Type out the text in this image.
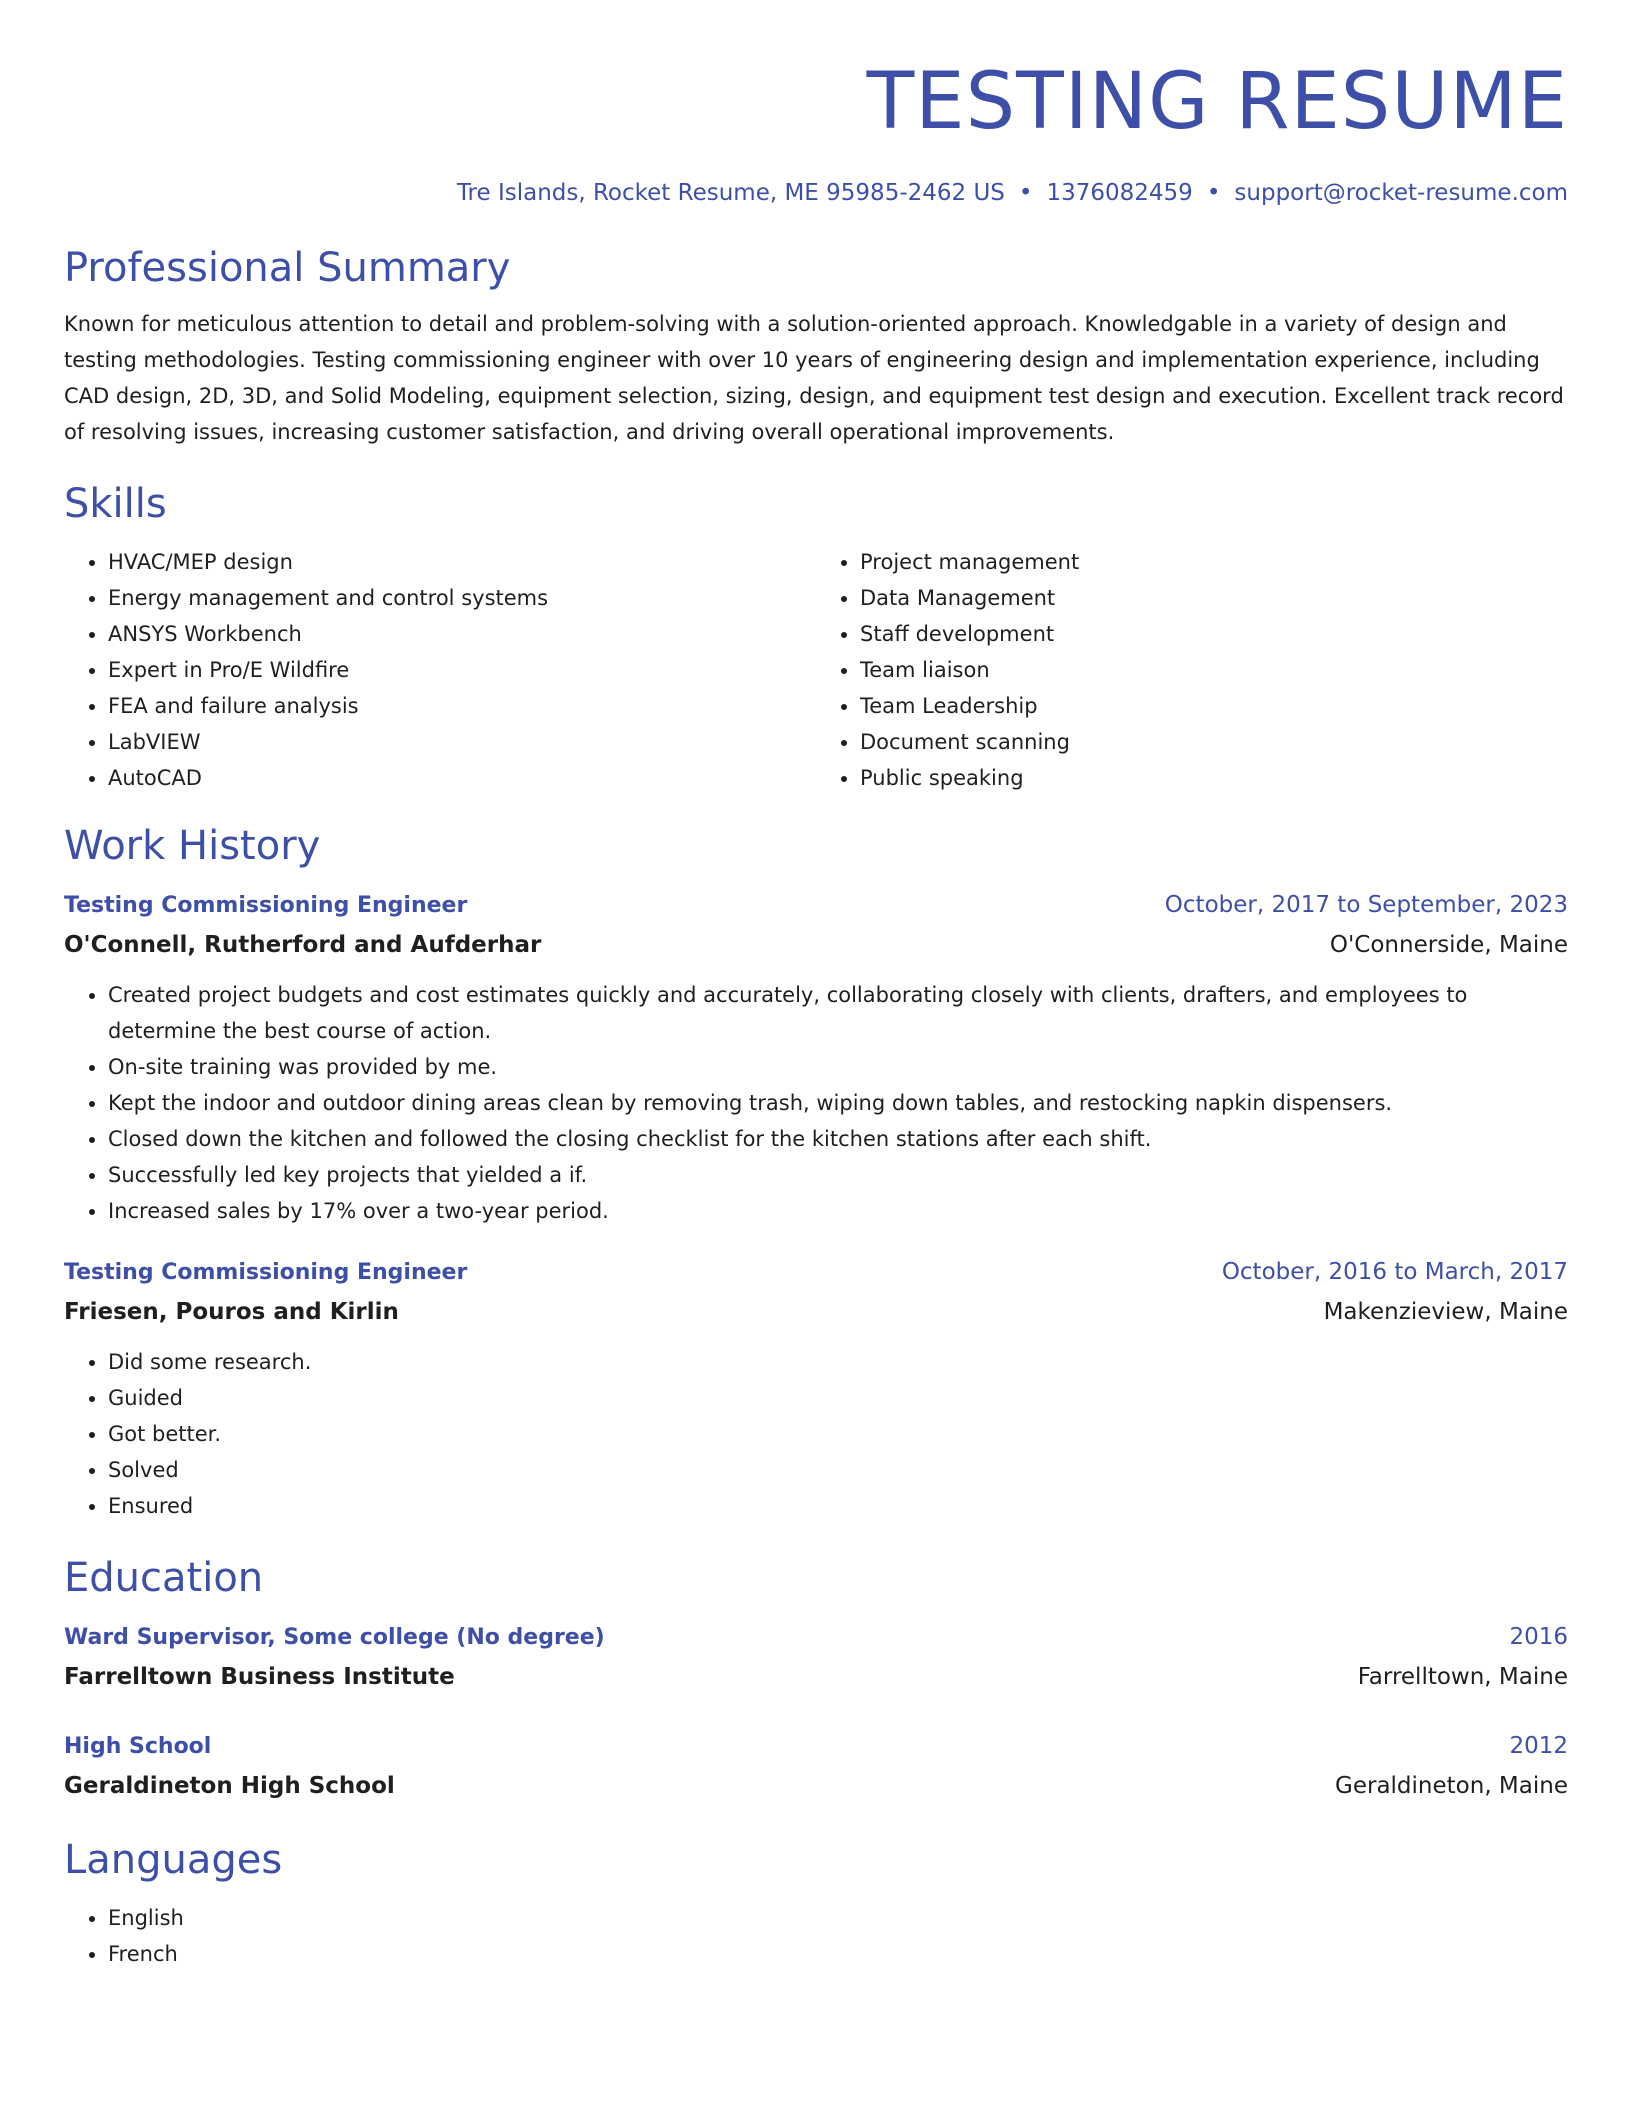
TESTING RESUME
Tre Islands, Rocket Resume, ME 95985-2462 US • 1376082459 • support@rocket-resume.com
Professional Summary

Known for meticulous attention to detail and problem-solving with a solution-oriented approach. Knowledgable in a variety of design and testing methodologies. Testing commissioning engineer with over 10 years of engineering design and implementation experience, including CAD design, 2D, 3D, and Solid Modeling, equipment selection, sizing, design, and equipment test design and execution. Excellent track record of resolving issues, increasing customer satisfaction, and driving overall operational improvements.

Skills
• HVAC/MEP design
• Energy management and control systems
• ANSYS Workbench
• Expert in Pro/E Wildfire
• FEA and failure analysis
• LabVIEW
• AutoCAD
• Project management
• Data Management
• Staff development
• Team liaison
• Team Leadership
• Document scanning
• Public speaking
Work History
Testing Commissioning Engineer	October, 2017 to September, 2023
O'Connell, Rutherford and Aufderhar	O'Connerside, Maine
• Created project budgets and cost estimates quickly and accurately, collaborating closely with clients, drafters, and employees to determine the best course of action.
• On-site training was provided by me.
• Kept the indoor and outdoor dining areas clean by removing trash, wiping down tables, and restocking napkin dispensers.
• Closed down the kitchen and followed the closing checklist for the kitchen stations after each shift.
• Successfully led key projects that yielded a if.
• Increased sales by 17% over a two-year period.
Testing Commissioning Engineer	October, 2016 to March, 2017
Friesen, Pouros and Kirlin	Makenzieview, Maine
• Did some research.
• Guided
• Got better.
• Solved
• Ensured
Education
Ward Supervisor, Some college (No degree)	2016
Farrelltown Business Institute	Farrelltown, Maine
High School	2012
Geraldineton High School	Geraldineton, Maine
Languages
• English
• French
